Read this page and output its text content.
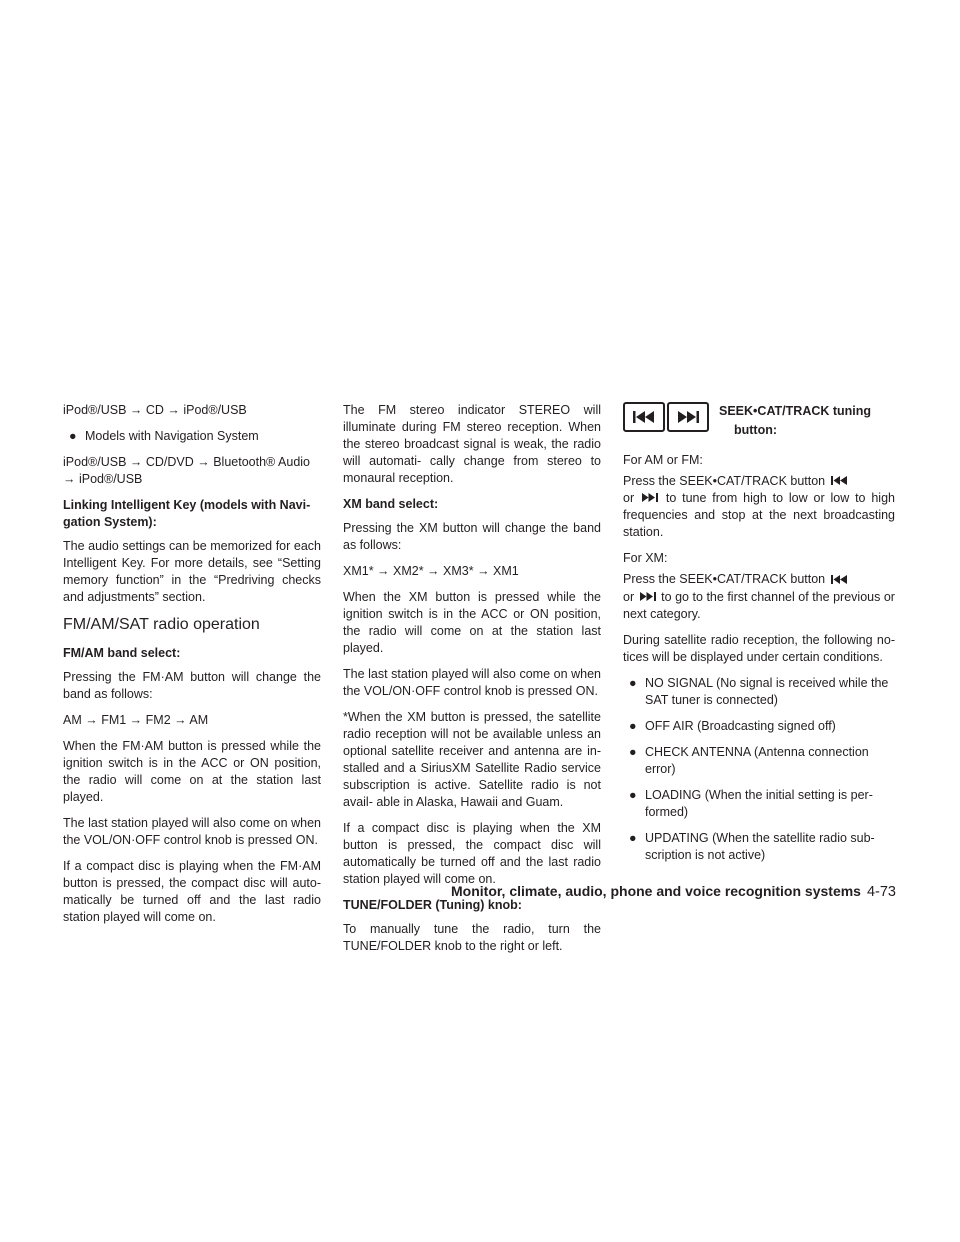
iPod®/USB → CD → iPod®/USB

● Models with Navigation System

iPod®/USB → CD/DVD → Bluetooth® Audio → iPod®/USB

Linking Intelligent Key (models with Navi- gation System):

The audio settings can be memorized for each Intelligent Key. For more details, see “Setting memory function” in the “Predriving checks and adjustments” section.

FM/AM/SAT radio operation

FM/AM band select:

Pressing the FM·AM button will change the band as follows:

AM → FM1 → FM2 → AM

When the FM·AM button is pressed while the ignition switch is in the ACC or ON position, the radio will come on at the station last played.

The last station played will also come on when the VOL/ON·OFF control knob is pressed ON.

If a compact disc is playing when the FM·AM button is pressed, the compact disc will auto- matically be turned off and the last radio station played will come on.

The FM stereo indicator STEREO will illuminate during FM stereo reception. When the stereo broadcast signal is weak, the radio will automati- cally change from stereo to monaural reception.

XM band select:

Pressing the XM button will change the band as follows:

XM1* → XM2* → XM3* → XM1

When the XM button is pressed while the ignition switch is in the ACC or ON position, the radio will come on at the station last played.

The last station played will also come on when the VOL/ON·OFF control knob is pressed ON.

*When the XM button is pressed, the satellite radio reception will not be available unless an optional satellite receiver and antenna are in- stalled and a SiriusXM Satellite Radio service subscription is active. Satellite radio is not avail- able in Alaska, Hawaii and Guam.

If a compact disc is playing when the XM button is pressed, the compact disc will automatically be turned off and the last radio station played will come on.

TUNE/FOLDER (Tuning) knob:

To manually tune the radio, turn the TUNE/FOLDER knob to the right or left.

SEEK•CAT/TRACK tuning
button:

For AM or FM:

Press the SEEK•CAT/TRACK button
or	to tune from high to low or low to high frequencies and stop at the next broadcasting station.

For XM:

Press the SEEK•CAT/TRACK button
or to go to the first channel of the previous or next category.

During satellite radio reception, the following no- tices will be displayed under certain conditions.

● NO SIGNAL (No signal is received while the SAT tuner is connected)
● OFF AIR (Broadcasting signed off)
● CHECK ANTENNA (Antenna connection error)
● LOADING (When the initial setting is per- formed)
● UPDATING (When the satellite radio sub- scription is not active)
Monitor, climate, audio, phone and voice recognition systems 4-73
